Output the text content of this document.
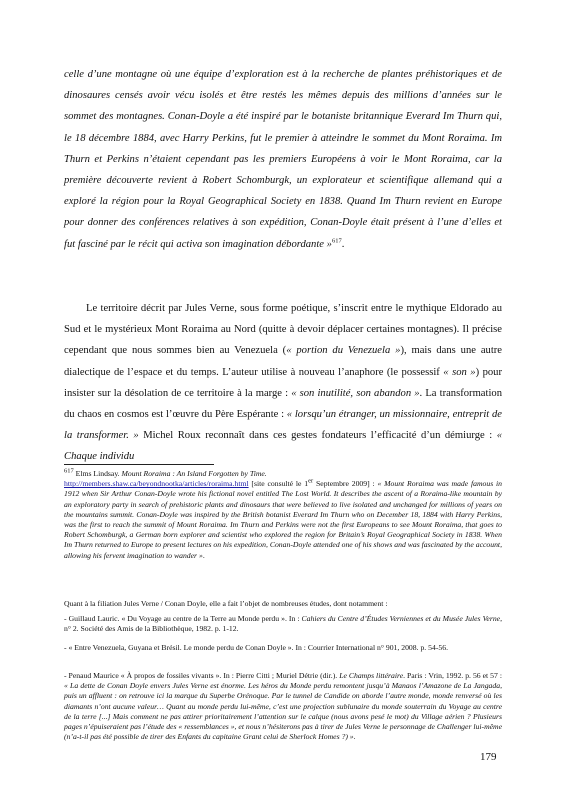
celle d’une montagne où une équipe d’exploration est à la recherche de plantes préhistoriques et de dinosaures censés avoir vécu isolés et être restés les mêmes depuis des millions d’années sur le sommet des montagnes. Conan-Doyle a été inspiré par le botaniste britannique Everard Im Thurn qui, le 18 décembre 1884, avec Harry Perkins, fut le premier à atteindre le sommet du Mont Roraima. Im Thurn et Perkins n’étaient cependant pas les premiers Européens à voir le Mont Roraima, car la première découverte revient à Robert Schomburgk, un explorateur et scientifique allemand qui a exploré la région pour la Royal Geographical Society en 1838. Quand Im Thurn revient en Europe pour donner des conférences relatives à son expédition, Conan-Doyle était présent à l’une d’elles et fut fasciné par le récit qui activa son imagination débordante »$^{617}$.

Le territoire décrit par Jules Verne, sous forme poétique, s’inscrit entre le mythique Eldorado au Sud et le mystérieux Mont Roraima au Nord (quitte à devoir déplacer certaines montagnes). Il précise cependant que nous sommes bien au Venezuela (« portion du Venezuela »), mais dans une autre dialectique de l’espace et du temps. L’auteur utilise à nouveau l’anaphore (le possessif « son ») pour insister sur la désolation de ce territoire à la marge : « son inutilité, son abandon ». La transformation du chaos en cosmos est l’œuvre du Père Espérante : « lorsqu’un étranger, un missionnaire, entreprit de la transformer. » Michel Roux reconnaît dans ces gestes fondateurs l’efficacité d’un démiurge : « Chaque individu

$^{617}$ Elms Lindsay. Mount Roraima : An Island Forgotten by Time.
http://members.shaw.ca/beyondnootka/articles/roraima.html [site consulté le 1er Septembre 2009] : « Mount Roraima was made famous in 1912 when Sir Arthur Conan-Doyle wrote his fictional novel entitled The Lost World. It describes the ascent of a Roraima-like mountain by an exploratory party in search of prehistoric plants and dinosaurs that were believed to live isolated and unchanged for millions of years on the mountains summit. Conan-Doyle was inspired by the British botanist Everard Im Thurn who on December 18, 1884 with Harry Perkins, was the first to reach the summit of Mount Roraima. Im Thurn and Perkins were not the first Europeans to see Mount Roraima, that goes to Robert Schomburgk, a German born explorer and scientist who explored the region for Britain’s Royal Geographical Society in 1838. When Im Thurn returned to Europe to present lectures on his expedition, Conan-Doyle attended one of his shows and was fascinated by the account, allowing his fervent imagination to wander ».

Quant à la filiation Jules Verne / Conan Doyle, elle a fait l’objet de nombreuses études, dont notamment :

- Guillaud Lauric. « Du Voyage au centre de la Terre au Monde perdu ». In : Cahiers du Centre d’Études Verniennes et du Musée Jules Verne, n° 2. Société des Amis de la Bibliothèque, 1982. p. 1-12.

- « Entre Venezuela, Guyana et Brésil. Le monde perdu de Conan Doyle ». In : Courrier International n° 901, 2008. p. 54-56.

- Penaud Maurice « À propos de fossiles vivants ». In : Pierre Citti ; Muriel Détrie (dir.). Le Champs littéraire. Paris : Vrin, 1992. p. 56 et 57 : « La dette de Conan Doyle envers Jules Verne est énorme. Les héros du Monde perdu remontent jusqu’à Manaos l’Amazone de La Jangada, puis un affluent : on retrouve ici la marque du Superbe Orénoque. Par le tunnel de Candide on aborde l’autre monde, monde renversé où les diamants n’ont aucune valeur… Quant au monde perdu lui-même, c’est une projection sublunaire du monde souterrain du Voyage au centre de la terre [...] Mais comment ne pas attirer prioritairement l’attention sur le calque (nous avons pesé le mot) du Village aérien ? Plusieurs pages n’épuiseraient pas l’étude des « ressemblances », et nous n’hésiterons pas à tirer de Jules Verne le personnage de Challenger lui-même (n’a-t-il pas été possible de tirer des Enfants du capitaine Grant celui de Sherlock Homes ?) ».

179
